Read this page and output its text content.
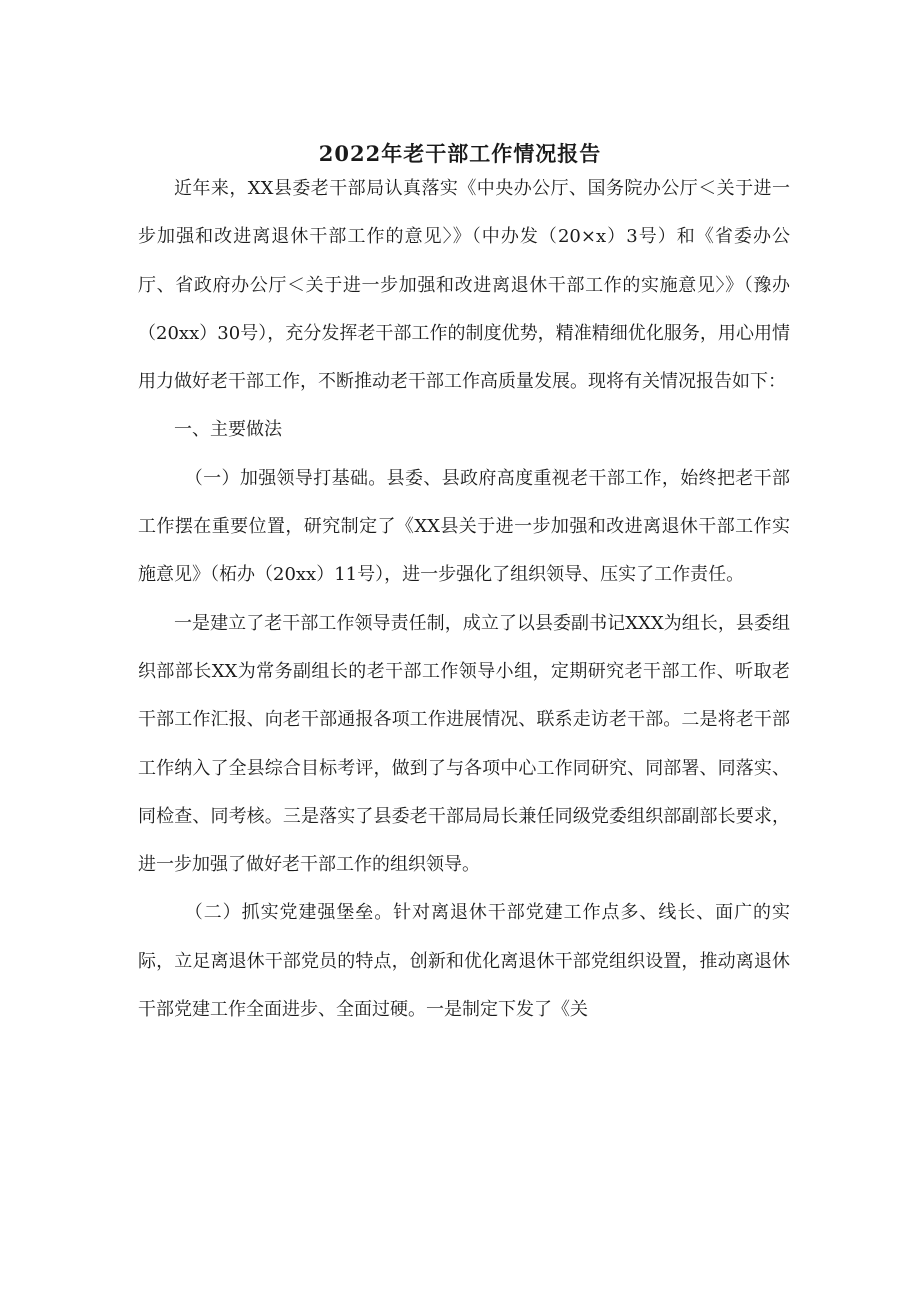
2022年老干部工作情况报告

近年来，XX县委老干部局认真落实《中央办公厅、国务院办公厅＜关于进一步加强和改进离退休干部工作的意见〉》（中办发（20×x）3号）和《省委办公厅、省政府办公厅＜关于进一步加强和改进离退休干部工作的实施意见〉》（豫办（20xx）30号），充分发挥老干部工作的制度优势，精准精细优化服务，用心用情用力做好老干部工作，不断推动老干部工作高质量发展。现将有关情况报告如下：

一、主要做法

（一）加强领导打基础。县委、县政府高度重视老干部工作，始终把老干部工作摆在重要位置，研究制定了《XX县关于进一步加强和改进离退休干部工作实施意见》（柘办（20xx）11号），进一步强化了组织领导、压实了工作责任。

一是建立了老干部工作领导责任制，成立了以县委副书记XXX为组长，县委组织部部长XX为常务副组长的老干部工作领导小组，定期研究老干部工作、听取老干部工作汇报、向老干部通报各项工作进展情况、联系走访老干部。二是将老干部工作纳入了全县综合目标考评，做到了与各项中心工作同研究、同部署、同落实、同检查、同考核。三是落实了县委老干部局局长兼任同级党委组织部副部长要求，进一步加强了做好老干部工作的组织领导。

（二）抓实党建强堡垒。针对离退休干部党建工作点多、线长、面广的实际，立足离退休干部党员的特点，创新和优化离退休干部党组织设置，推动离退休干部党建工作全面进步、全面过硬。一是制定下发了《关
